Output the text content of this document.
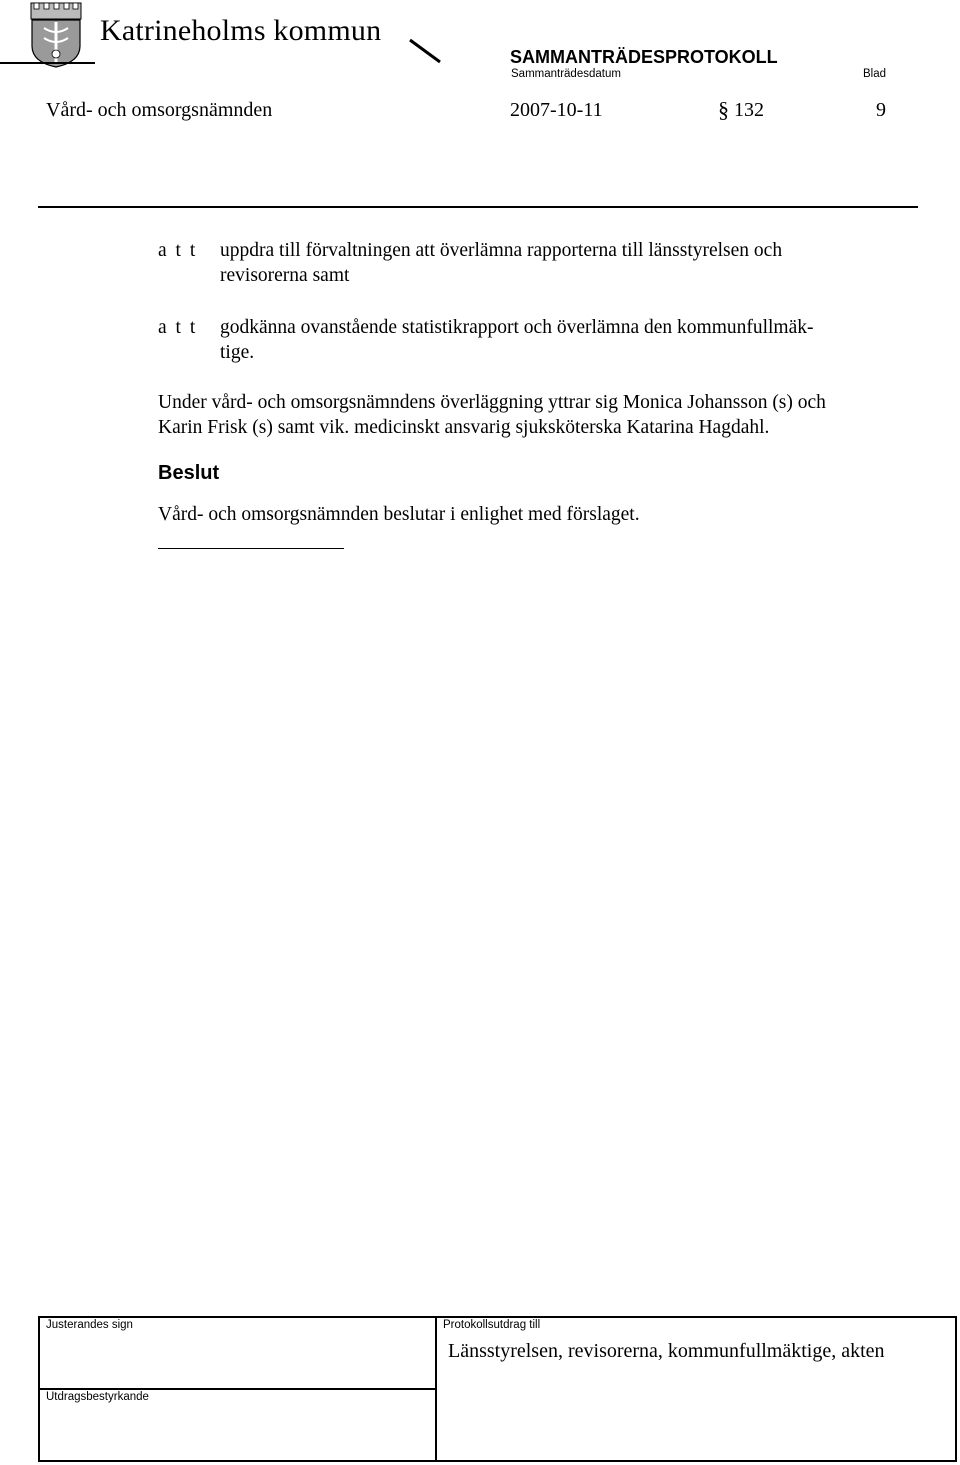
Katrineholms kommun
SAMMANTRÄDESPROTOKOLL
Sammanträdesdatum	Blad
Vård- och omsorgsnämnden	2007-10-11	§ 132	9
a t t uppdra till förvaltningen att överlämna rapporterna till länsstyrelsen och
revisorerna samt
a t t godkänna ovanstående statistikrapport och överlämna den kommunfullmäk-
tige.
Under vård- och omsorgsnämndens överläggning yttrar sig Monica Johansson (s) och
Karin Frisk (s) samt vik. medicinskt ansvarig sjuksköterska Katarina Hagdahl.
Beslut
Vård- och omsorgsnämnden beslutar i enlighet med förslaget.
Justerandes sign	Protokollsutdrag till
Länsstyrelsen, revisorerna, kommunfullmäktige, akten
Utdragsbestyrkande
